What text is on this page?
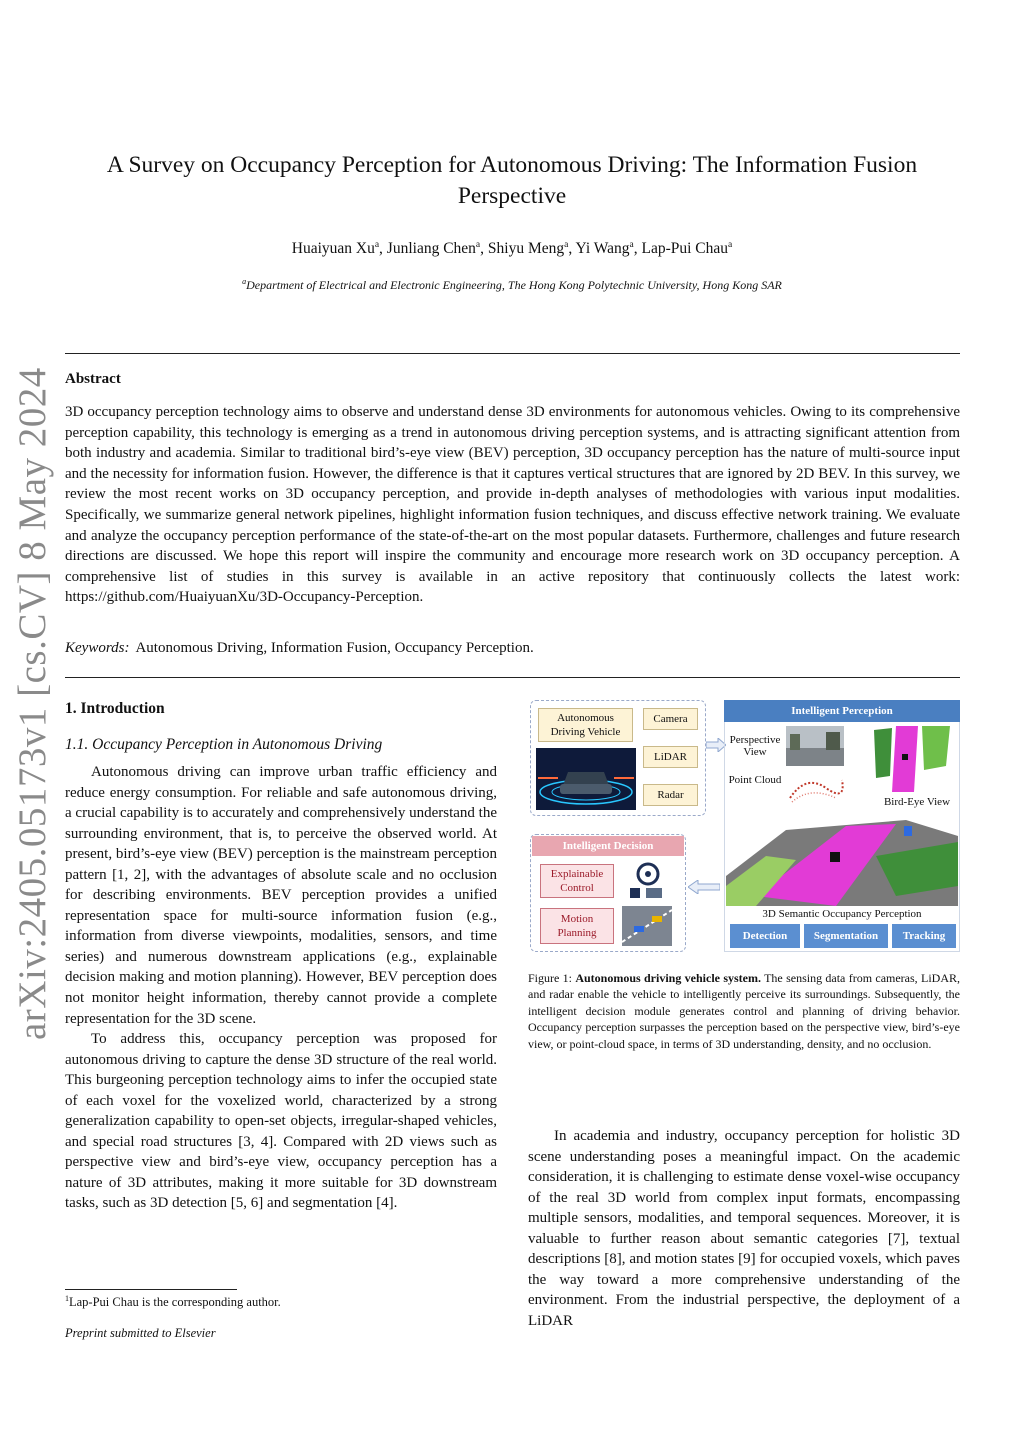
A Survey on Occupancy Perception for Autonomous Driving: The Information Fusion Perspective
Huaiyuan Xu$^a$, Junliang Chen$^a$, Shiyu Meng$^a$, Yi Wang$^a$, Lap-Pui Chau$^a$
$^a$Department of Electrical and Electronic Engineering, The Hong Kong Polytechnic University, Hong Kong SAR
Abstract
3D occupancy perception technology aims to observe and understand dense 3D environments for autonomous vehicles. Owing to its comprehensive perception capability, this technology is emerging as a trend in autonomous driving perception systems, and is attracting significant attention from both industry and academia. Similar to traditional bird’s-eye view (BEV) perception, 3D occupancy perception has the nature of multi-source input and the necessity for information fusion. However, the difference is that it captures vertical structures that are ignored by 2D BEV. In this survey, we review the most recent works on 3D occupancy perception, and provide in-depth analyses of methodologies with various input modalities. Specifically, we summarize general network pipelines, highlight information fusion techniques, and discuss effective network training. We evaluate and analyze the occupancy perception performance of the state-of-the-art on the most popular datasets. Furthermore, challenges and future research directions are discussed. We hope this report will inspire the community and encourage more research work on 3D occupancy perception. A comprehensive list of studies in this survey is available in an active repository that continuously collects the latest work: https://github.com/HuaiyuanXu/3D-Occupancy-Perception.
Keywords: Autonomous Driving, Information Fusion, Occupancy Perception.
arXiv:2405.05173v1 [cs.CV] 8 May 2024 1. Introduction
1.1. Occupancy Perception in Autonomous Driving

Autonomous driving can improve urban traffic efficiency and reduce energy consumption. For reliable and safe autonomous driving, a crucial capability is to accurately and comprehensively understand the surrounding environment, that is, to perceive the observed world. At present, bird’s-eye view (BEV) perception is the mainstream perception pattern [1, 2], with the advantages of absolute scale and no occlusion for describing environments. BEV perception provides a unified representation space for multi-source information fusion (e.g., information from diverse viewpoints, modalities, sensors, and time series) and numerous downstream applications (e.g., explainable decision making and motion planning). However, BEV perception does not monitor height information, thereby cannot provide a complete representation for the 3D scene.

To address this, occupancy perception was proposed for autonomous driving to capture the dense 3D structure of the real world. This burgeoning perception technology aims to infer the occupied state of each voxel for the voxelized world, characterized by a strong generalization capability to open-set objects, irregular-shaped vehicles, and special road structures [3, 4]. Compared with 2D views such as perspective view and bird’s-eye view, occupancy perception has a nature of 3D attributes, making it more suitable for 3D downstream tasks, such as 3D detection [5, 6] and segmentation [4].

In academia and industry, occupancy perception for holistic 3D scene understanding poses a meaningful impact. On the academic consideration, it is challenging to estimate dense voxel-wise occupancy of the real 3D world from complex input formats, encompassing multiple sensors, modalities, and temporal sequences. Moreover, it is valuable to further reason about semantic categories [7], textual descriptions [8], and motion states [9] for occupied voxels, which paves the way toward a more comprehensive understanding of the environment. From the industrial perspective, the deployment of a LiDAR

$^1$Lap-Pui Chau is the corresponding author.
Preprint submitted to Elsevier
Autonomous Driving Vehicle
Camera
LiDAR
Radar
Intelligent Perception
Perspective View
Point Cloud
Bird-Eye View
3D Semantic Occupancy Perception
Detection Segmentation Tracking
Intelligent Decision
Explainable Control
Motion Planning
Figure 1: Autonomous driving vehicle system. The sensing data from cameras, LiDAR, and radar enable the vehicle to intelligently perceive its surroundings. Subsequently, the intelligent decision module generates control and planning of driving behavior. Occupancy perception surpasses the perception based on the perspective view, bird’s-eye view, or point-cloud space, in terms of 3D understanding, density, and no occlusion.
